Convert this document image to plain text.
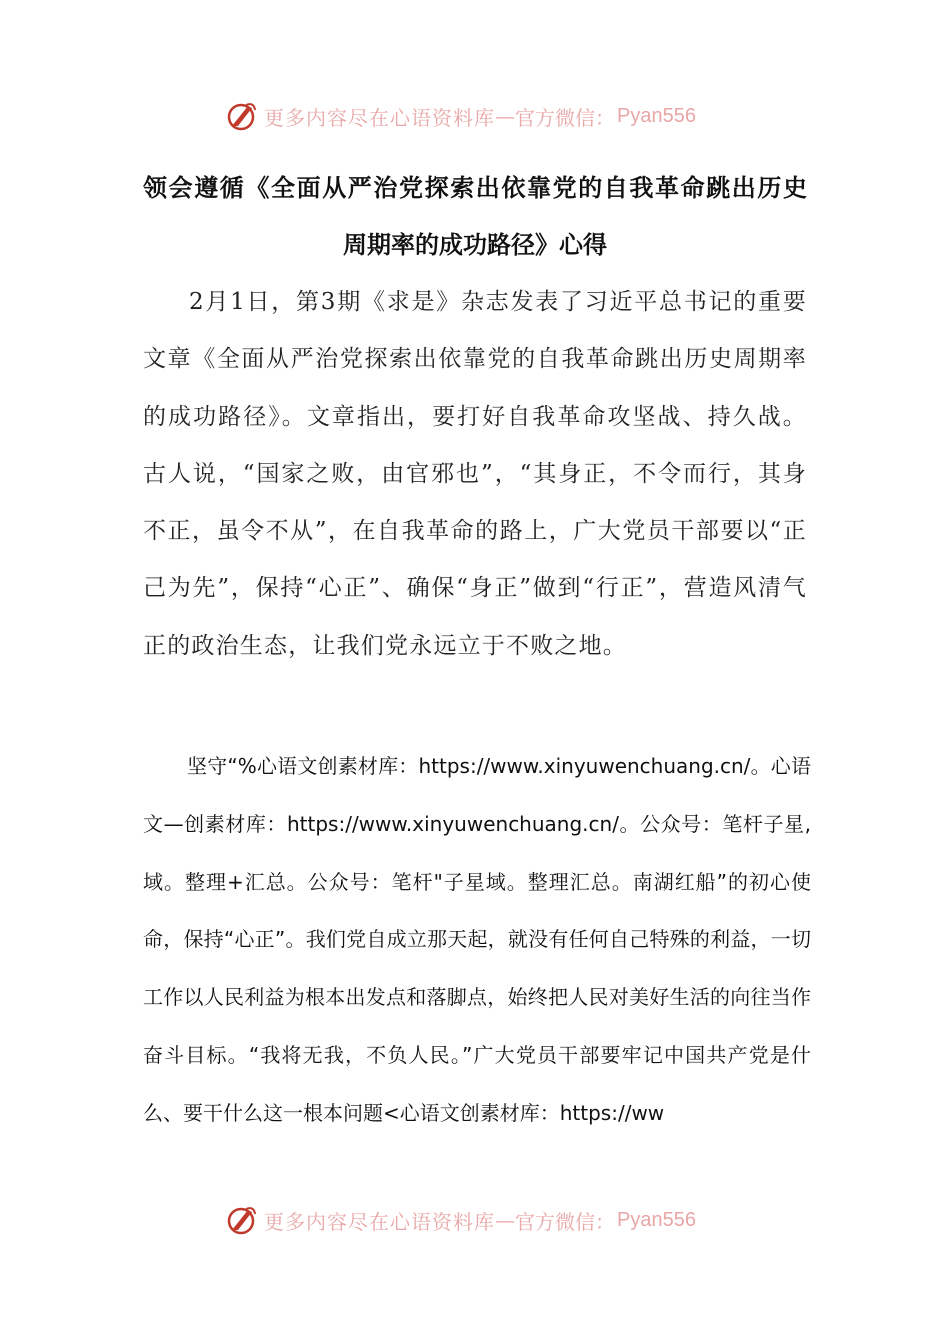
更多内容尽在心语资料库 — 官方微信： Pyan556
领会遵循《全面从严治党探索出依靠党的自我革命跳出历史
周期率的成功路径》心得
2月1日，第3期《求是》杂志发表了习近平总书记的重要文章《全面从严治党探索出依靠党的自我革命跳出历史周期率的成功路径》。文章指出，要打好自我革命攻坚战、持久战。古人说，“国家之败，由官邪也”，“其身正，不令而行，其身不正，虽令不从”，在自我革命的路上，广大党员干部要以“正己为先”，保持“心正”、确保“身正”做到“行正”，营造风清气正的政治生态，让我们党永远立于不败之地。
坚守“%心语文创素材库：https://www.xinyuwenchuang.cn/。心语文—创素材库：https://www.xinyuwenchuang.cn/。公众号：笔杆子星,域。整理+汇总。公众号：笔杆"子星域。整理汇总。南湖红船”的初心使命，保持“心正”。我们党自成立那天起，就没有任何自己特殊的利益，一切工作以人民利益为根本出发点和落脚点，始终把人民对美好生活的向往当作奋斗目标。“我将无我，不负人民。”广大党员干部要牢记中国共产党是什么、要干什么这一根本问题<心语文创素材库：https://ww
更多内容尽在心语资料库 — 官方微信： Pyan556
